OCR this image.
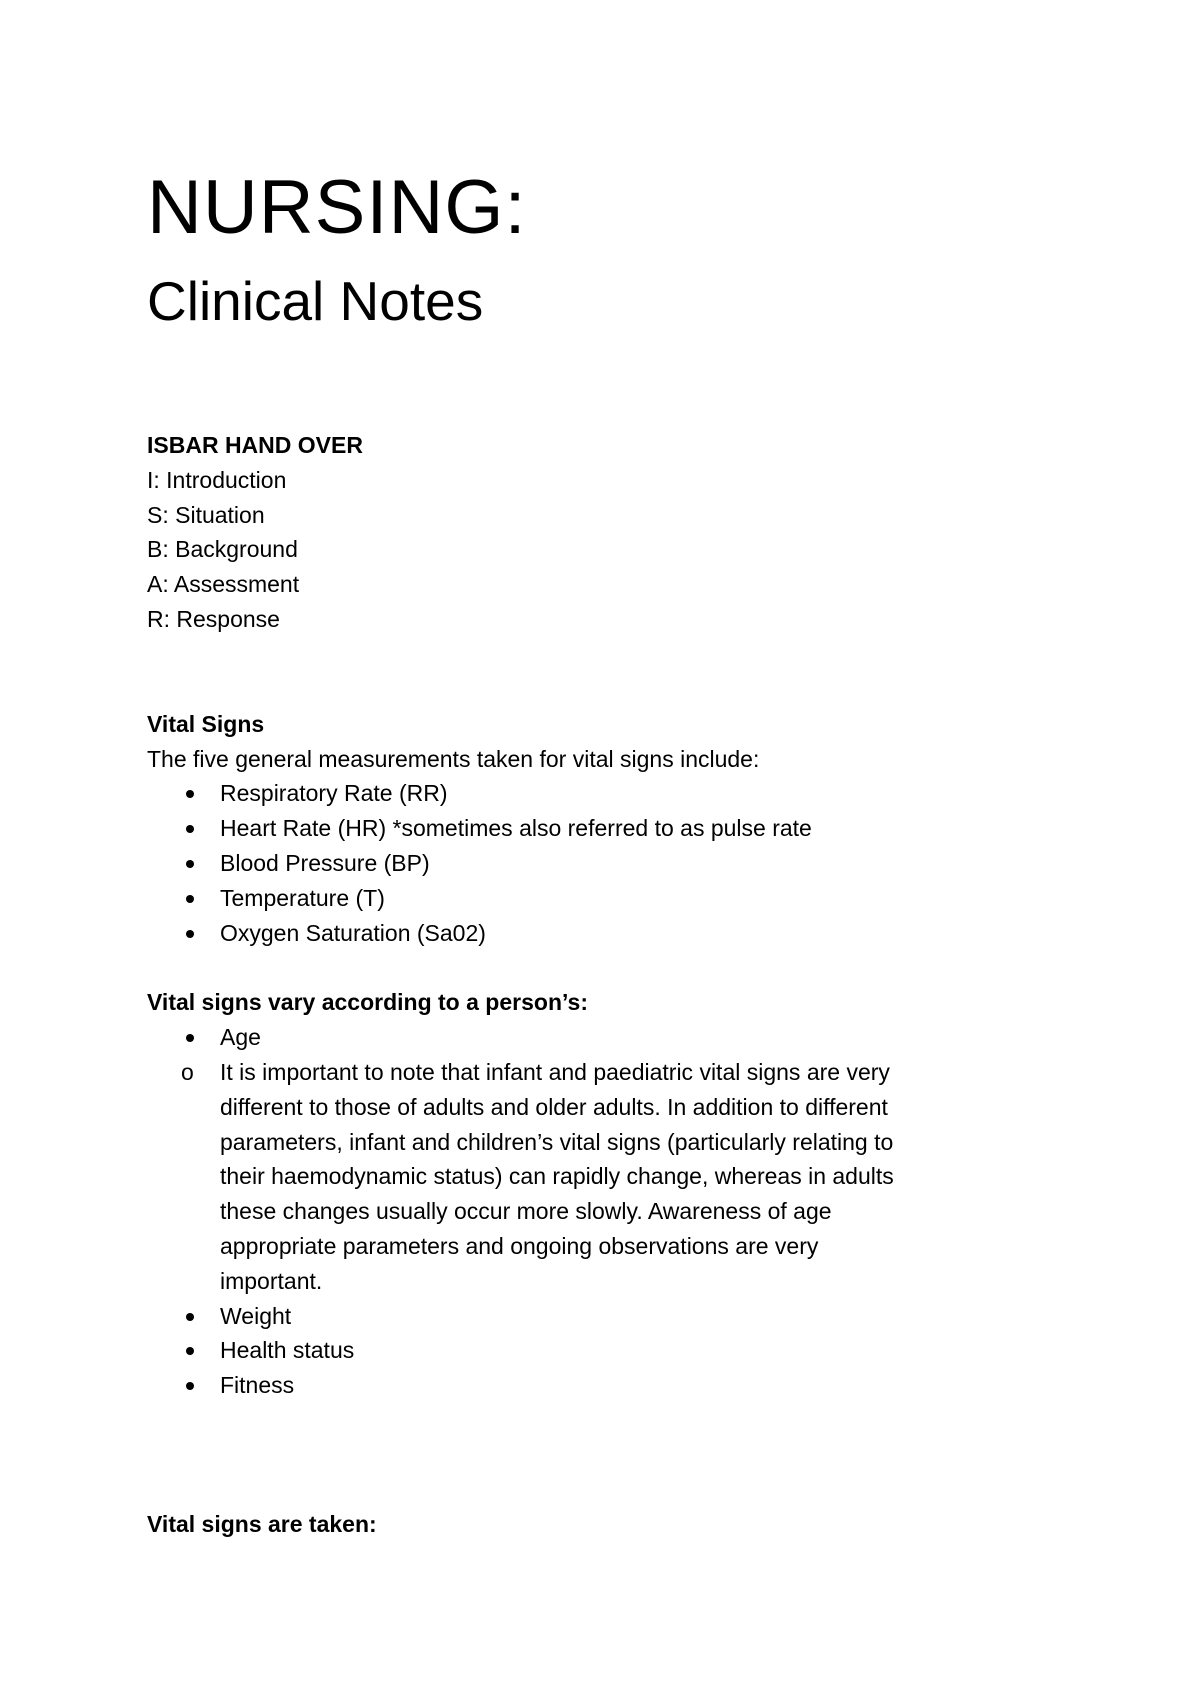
NURSING:
Clinical Notes

ISBAR HAND OVER

I: Introduction

S: Situation

B: Background

A: Assessment

R: Response

Vital Signs

The five general measurements taken for vital signs include:

Respiratory Rate (RR)
Heart Rate (HR) *sometimes also referred to as pulse rate
Blood Pressure (BP)
Temperature (T)
Oxygen Saturation (Sa02)

Vital signs vary according to a person’s:

Age
o It is important to note that infant and paediatric vital signs are very different to those of adults and older adults. In addition to different parameters, infant and children’s vital signs (particularly relating to their haemodynamic status) can rapidly change, whereas in adults these changes usually occur more slowly. Awareness of age appropriate parameters and ongoing observations are very important.
Weight
Health status
Fitness

Vital signs are taken:
